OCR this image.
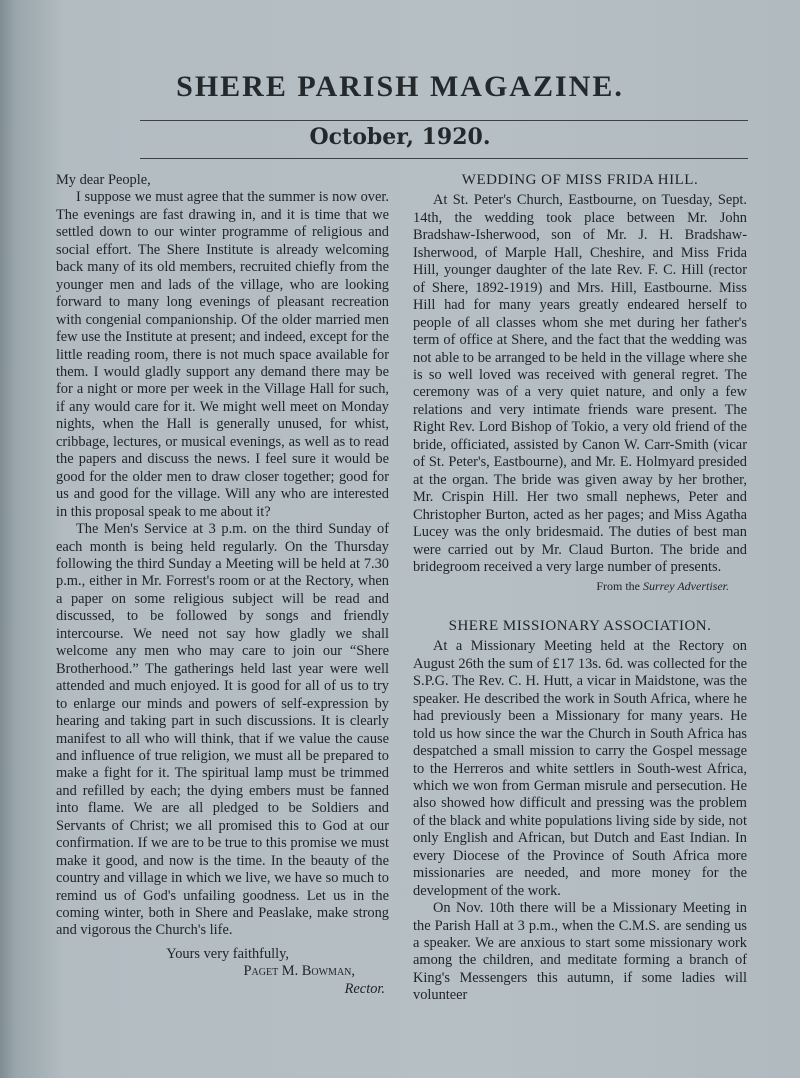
SHERE PARISH MAGAZINE.
October, 1920.

My dear People,

I suppose we must agree that the summer is now over. The evenings are fast drawing in, and it is time that we settled down to our winter programme of religious and social effort. The Shere Institute is already welcoming back many of its old members, recruited chiefly from the younger men and lads of the village, who are looking forward to many long evenings of pleasant recreation with congenial companionship. Of the older married men few use the Institute at present; and indeed, except for the little reading room, there is not much space available for them. I would gladly support any demand there may be for a night or more per week in the Village Hall for such, if any would care for it. We might well meet on Monday nights, when the Hall is generally unused, for whist, cribbage, lectures, or musical evenings, as well as to read the papers and discuss the news. I feel sure it would be good for the older men to draw closer together; good for us and good for the village. Will any who are interested in this proposal speak to me about it?

The Men's Service at 3 p.m. on the third Sunday of each month is being held regularly. On the Thursday following the third Sunday a Meeting will be held at 7.30 p.m., either in Mr. Forrest's room or at the Rectory, when a paper on some religious subject will be read and discussed, to be followed by songs and friendly intercourse. We need not say how gladly we shall welcome any men who may care to join our “Shere Brotherhood.” The gatherings held last year were well attended and much enjoyed. It is good for all of us to try to enlarge our minds and powers of self-expression by hearing and taking part in such discussions. It is clearly manifest to all who will think, that if we value the cause and influence of true religion, we must all be prepared to make a fight for it. The spiritual lamp must be trimmed and refilled by each; the dying embers must be fanned into flame. We are all pledged to be Soldiers and Servants of Christ; we all promised this to God at our confirmation. If we are to be true to this promise we must make it good, and now is the time. In the beauty of the country and village in which we live, we have so much to remind us of God's unfailing goodness. Let us in the coming winter, both in Shere and Peaslake, make strong and vigorous the Church's life.

Yours very faithfully,
Paget M. Bowman,
Rector.
WEDDING OF MISS FRIDA HILL.

At St. Peter's Church, Eastbourne, on Tuesday, Sept. 14th, the wedding took place between Mr. John Bradshaw-Isherwood, son of Mr. J. H. Bradshaw-Isherwood, of Marple Hall, Cheshire, and Miss Frida Hill, younger daughter of the late Rev. F. C. Hill (rector of Shere, 1892-1919) and Mrs. Hill, Eastbourne. Miss Hill had for many years greatly endeared herself to people of all classes whom she met during her father's term of office at Shere, and the fact that the wedding was not able to be arranged to be held in the village where she is so well loved was received with general regret. The ceremony was of a very quiet nature, and only a few relations and very intimate friends ware present. The Right Rev. Lord Bishop of Tokio, a very old friend of the bride, officiated, assisted by Canon W. Carr-Smith (vicar of St. Peter's, Eastbourne), and Mr. E. Holmyard presided at the organ. The bride was given away by her brother, Mr. Crispin Hill. Her two small nephews, Peter and Christopher Burton, acted as her pages; and Miss Agatha Lucey was the only bridesmaid. The duties of best man were carried out by Mr. Claud Burton. The bride and bridegroom received a very large number of presents.

From the Surrey Advertiser.
SHERE MISSIONARY ASSOCIATION.

At a Missionary Meeting held at the Rectory on August 26th the sum of £17 13s. 6d. was collected for the S.P.G. The Rev. C. H. Hutt, a vicar in Maidstone, was the speaker. He described the work in South Africa, where he had previously been a Missionary for many years. He told us how since the war the Church in South Africa has despatched a small mission to carry the Gospel message to the Herreros and white settlers in South-west Africa, which we won from German misrule and persecution. He also showed how difficult and pressing was the problem of the black and white populations living side by side, not only English and African, but Dutch and East Indian. In every Diocese of the Province of South Africa more missionaries are needed, and more money for the development of the work.

On Nov. 10th there will be a Missionary Meeting in the Parish Hall at 3 p.m., when the C.M.S. are sending us a speaker. We are anxious to start some missionary work among the children, and meditate forming a branch of King's Messengers this autumn, if some ladies will volunteer
